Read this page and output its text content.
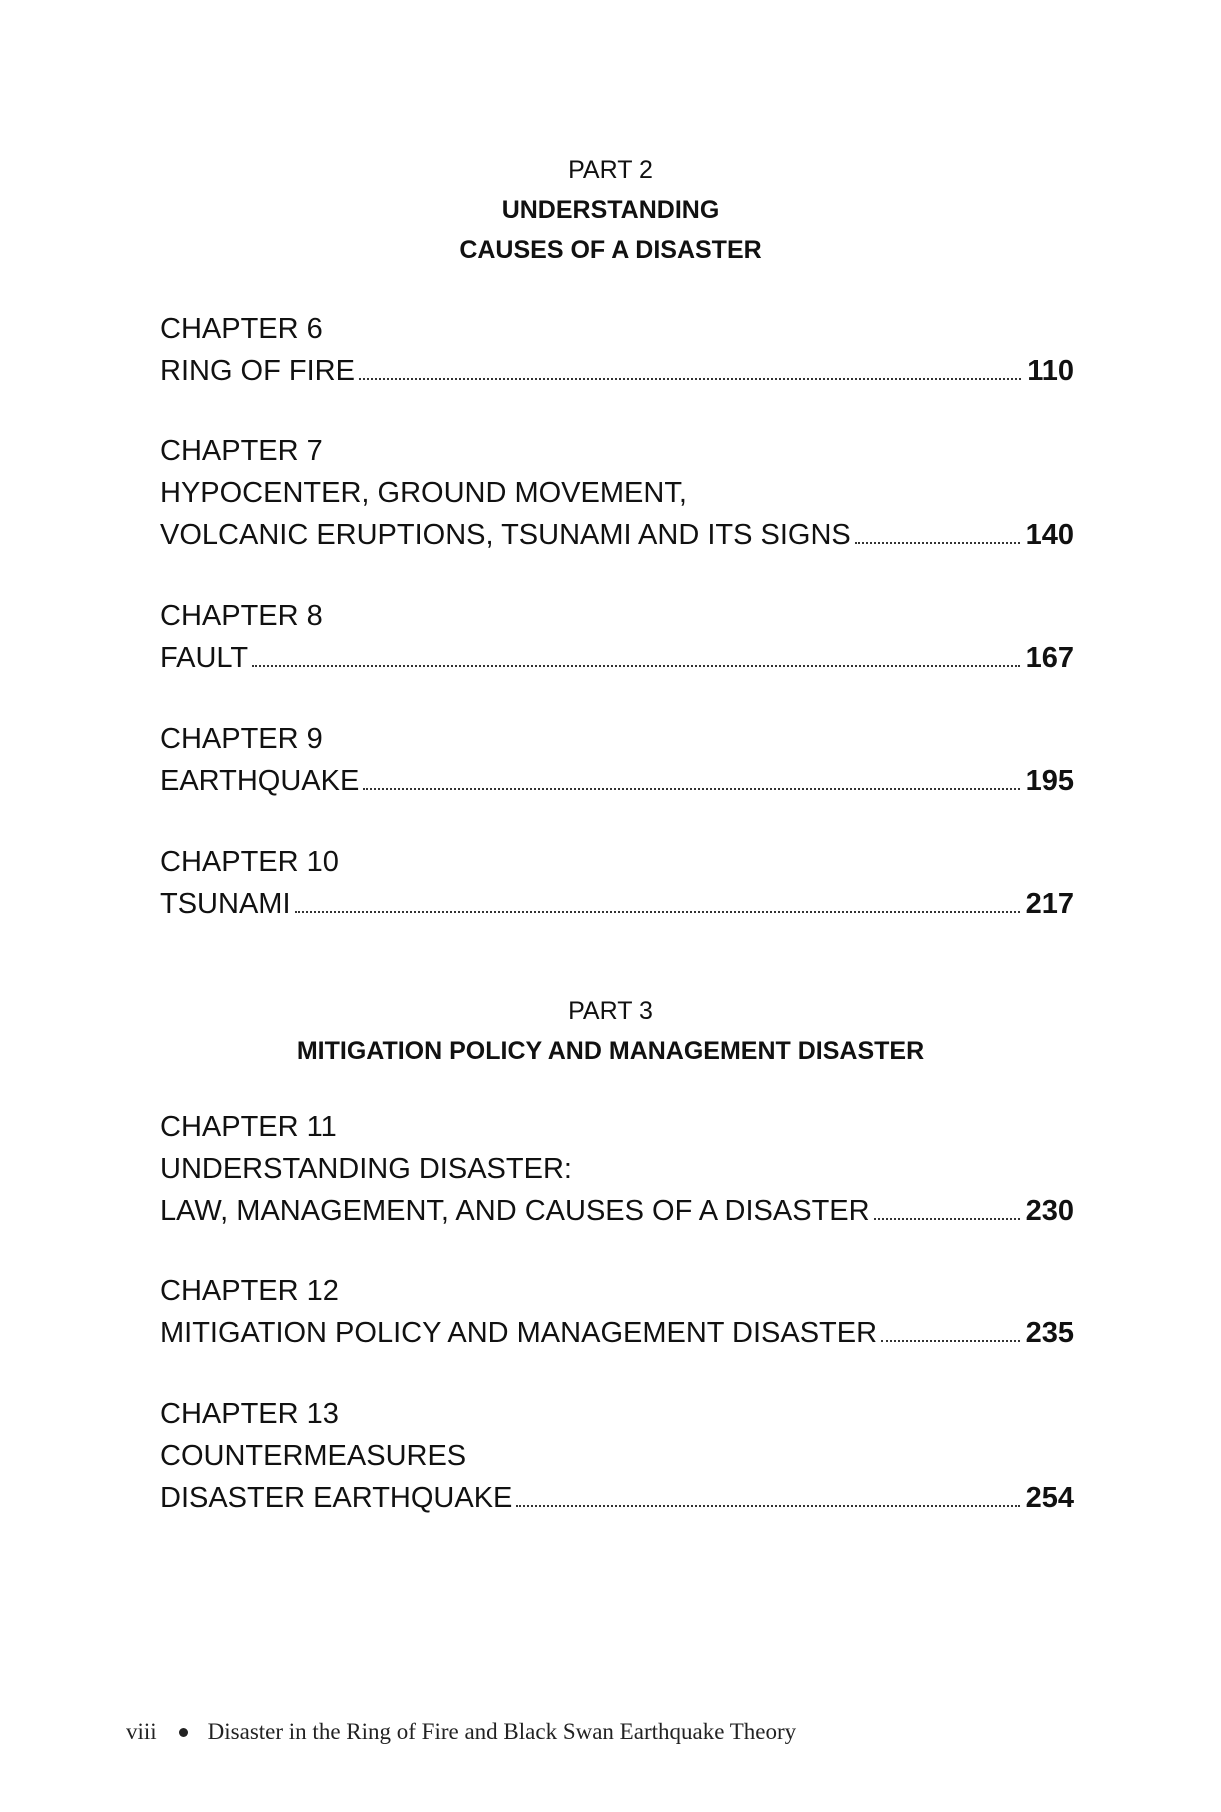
PART 2
UNDERSTANDING
CAUSES OF A DISASTER
CHAPTER 6
RING OF FIRE	110
CHAPTER 7
HYPOCENTER, GROUND MOVEMENT,
VOLCANIC ERUPTIONS, TSUNAMI AND ITS SIGNS	140
CHAPTER 8
FAULT	167
CHAPTER 9
EARTHQUAKE	195
CHAPTER 10
TSUNAMI	217
PART 3
MITIGATION POLICY AND MANAGEMENT DISASTER
CHAPTER 11
UNDERSTANDING DISASTER:
LAW, MANAGEMENT, AND CAUSES OF A DISASTER	230
CHAPTER 12
MITIGATION POLICY AND MANAGEMENT DISASTER	235
CHAPTER 13
COUNTERMEASURES
DISASTER EARTHQUAKE	254
viii Disaster in the Ring of Fire and Black Swan Earthquake Theory
